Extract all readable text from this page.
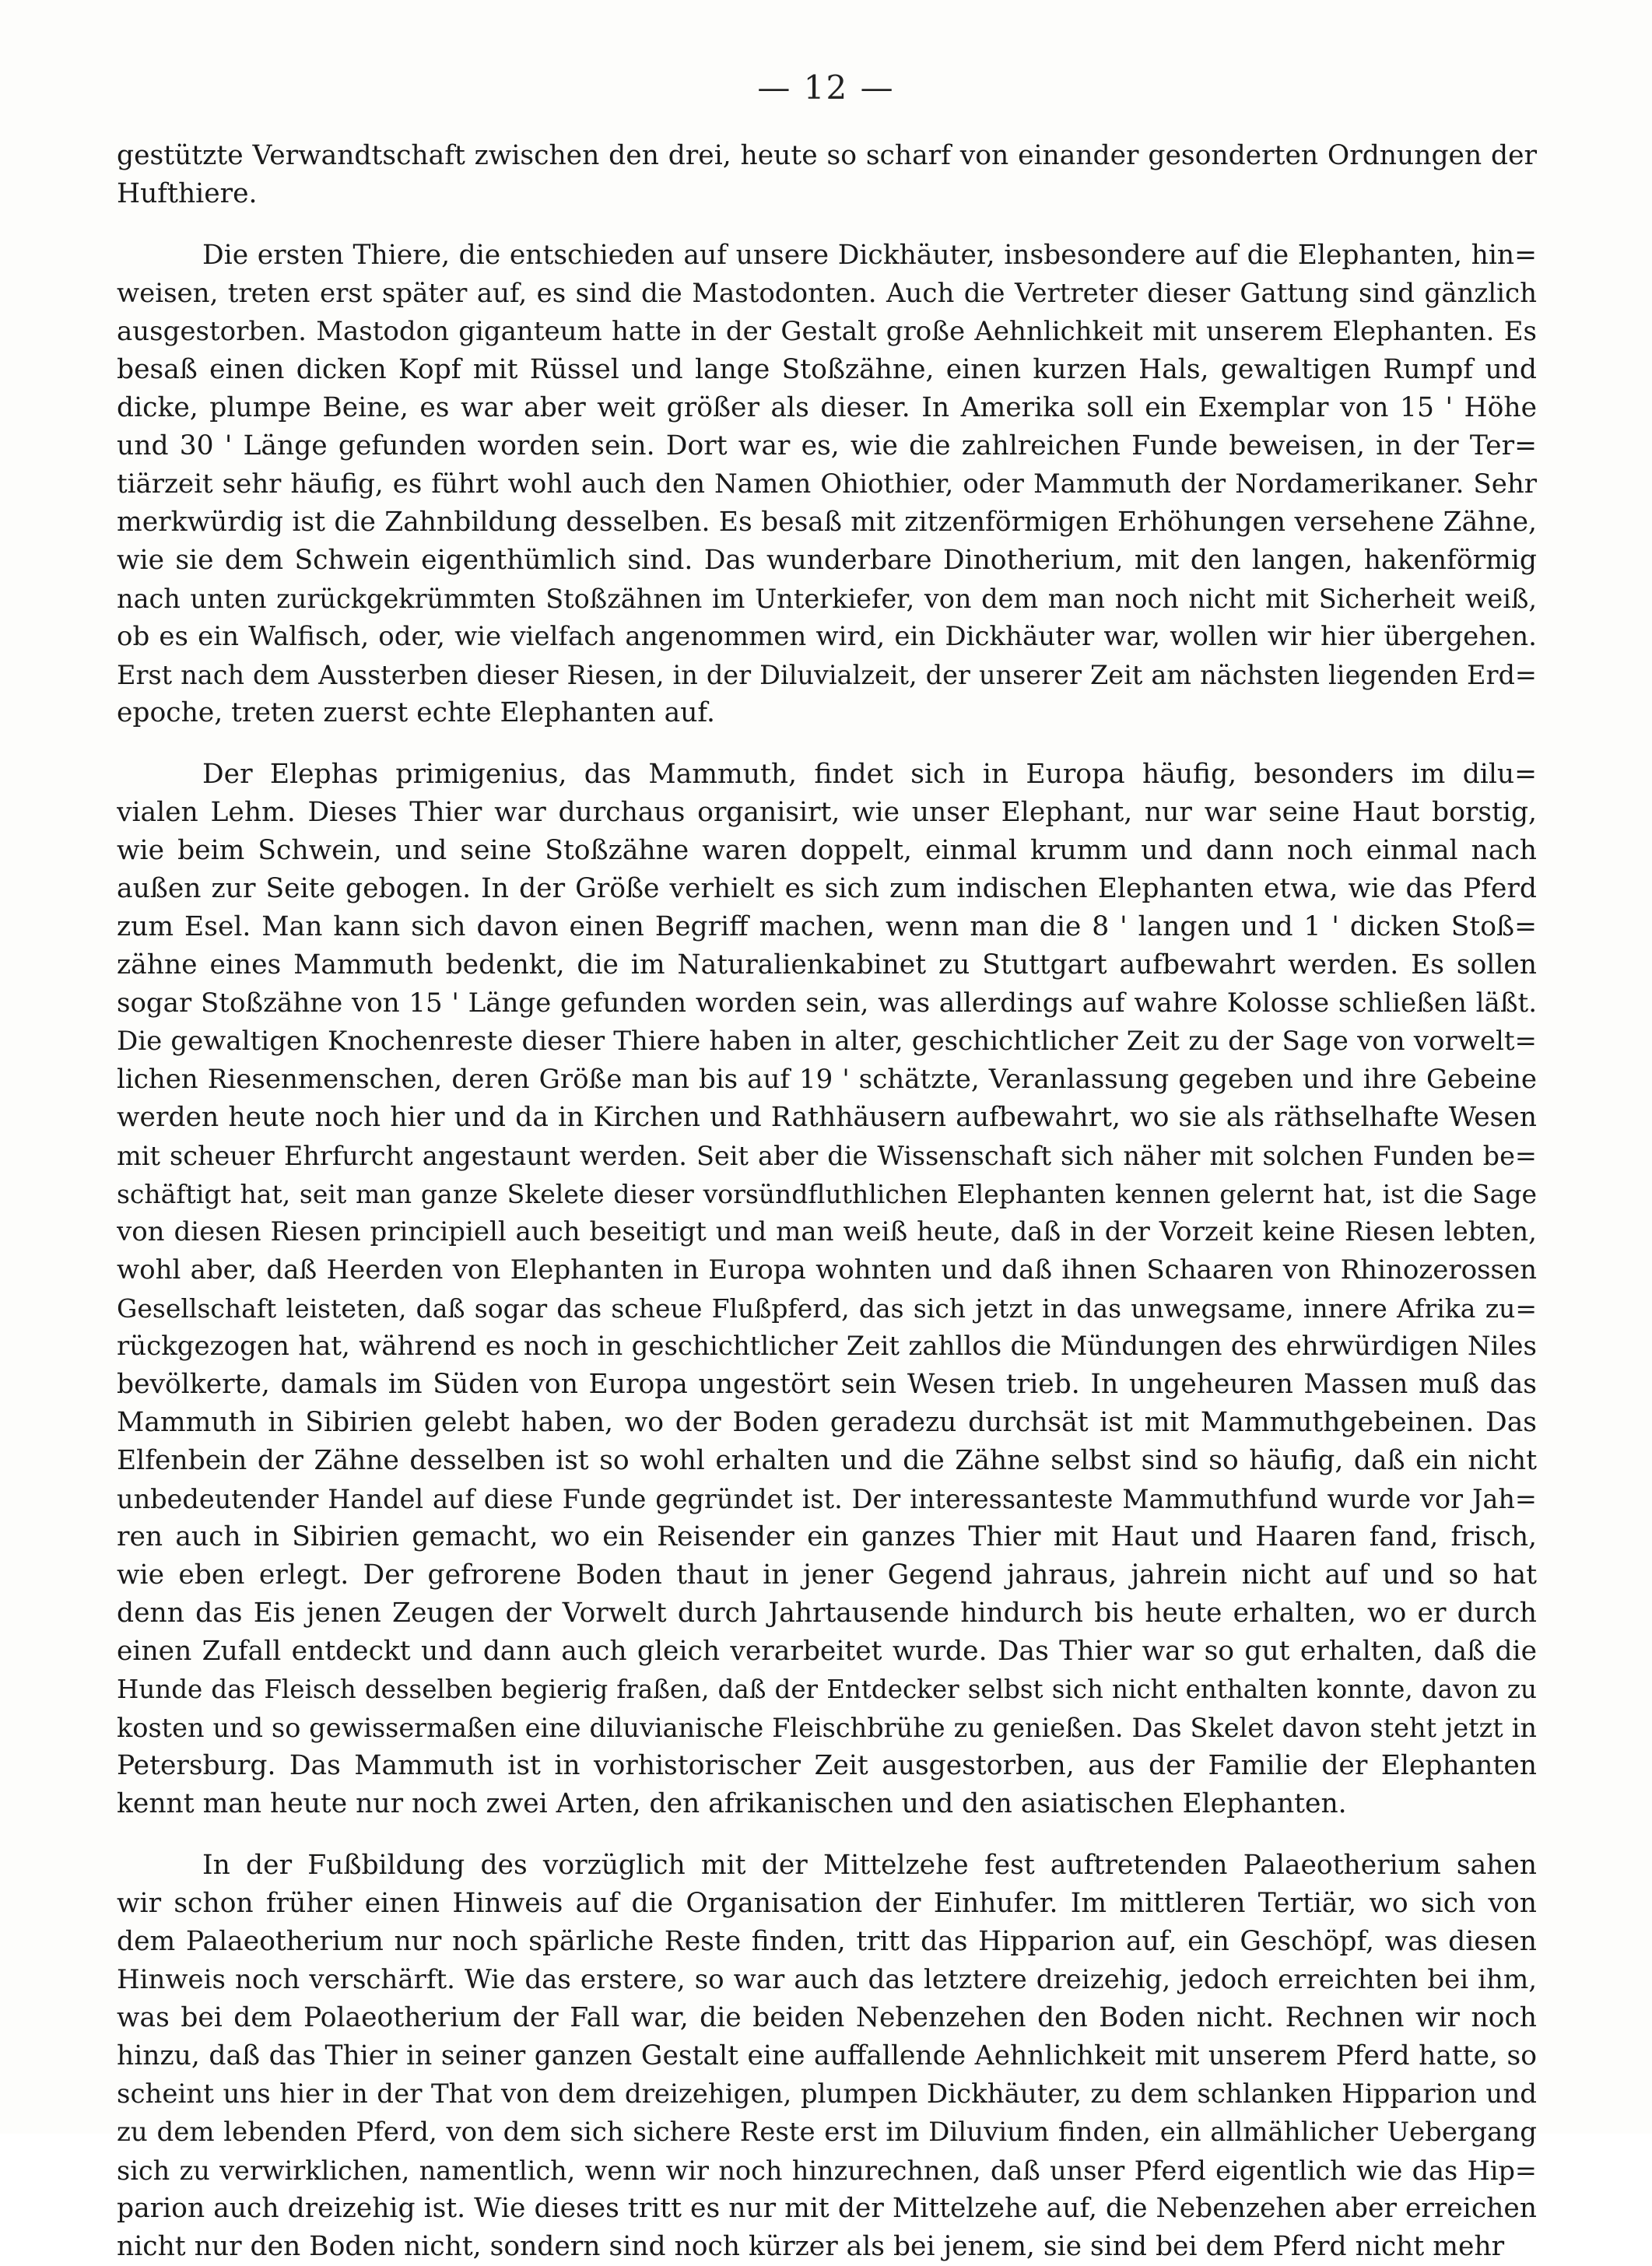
— 12 —
gestützte Verwandtschaft zwischen den drei, heute so scharf von einander gesonderten Ordnungen der
Hufthiere.
Die ersten Thiere, die entschieden auf unsere Dickhäuter, insbesondere auf die Elephanten, hin=
weisen, treten erst später auf, es sind die Mastodonten. Auch die Vertreter dieser Gattung sind gänzlich
ausgestorben. Mastodon giganteum hatte in der Gestalt große Aehnlichkeit mit unserem Elephanten. Es
besaß einen dicken Kopf mit Rüssel und lange Stoßzähne, einen kurzen Hals, gewaltigen Rumpf und
dicke, plumpe Beine, es war aber weit größer als dieser. In Amerika soll ein Exemplar von 15 ' Höhe
und 30 ' Länge gefunden worden sein. Dort war es, wie die zahlreichen Funde beweisen, in der Ter=
tiärzeit sehr häufig, es führt wohl auch den Namen Ohiothier, oder Mammuth der Nordamerikaner. Sehr
merkwürdig ist die Zahnbildung desselben. Es besaß mit zitzenförmigen Erhöhungen versehene Zähne,
wie sie dem Schwein eigenthümlich sind. Das wunderbare Dinotherium, mit den langen, hakenförmig
nach unten zurückgekrümmten Stoßzähnen im Unterkiefer, von dem man noch nicht mit Sicherheit weiß,
ob es ein Walfisch, oder, wie vielfach angenommen wird, ein Dickhäuter war, wollen wir hier übergehen.
Erst nach dem Aussterben dieser Riesen, in der Diluvialzeit, der unserer Zeit am nächsten liegenden Erd=
epoche, treten zuerst echte Elephanten auf.
Der Elephas primigenius, das Mammuth, findet sich in Europa häufig, besonders im dilu=
vialen Lehm. Dieses Thier war durchaus organisirt, wie unser Elephant, nur war seine Haut borstig,
wie beim Schwein, und seine Stoßzähne waren doppelt, einmal krumm und dann noch einmal nach
außen zur Seite gebogen. In der Größe verhielt es sich zum indischen Elephanten etwa, wie das Pferd
zum Esel. Man kann sich davon einen Begriff machen, wenn man die 8 ' langen und 1 ' dicken Stoß=
zähne eines Mammuth bedenkt, die im Naturalienkabinet zu Stuttgart aufbewahrt werden. Es sollen
sogar Stoßzähne von 15 ' Länge gefunden worden sein, was allerdings auf wahre Kolosse schließen läßt.
Die gewaltigen Knochenreste dieser Thiere haben in alter, geschichtlicher Zeit zu der Sage von vorwelt=
lichen Riesenmenschen, deren Größe man bis auf 19 ' schätzte, Veranlassung gegeben und ihre Gebeine
werden heute noch hier und da in Kirchen und Rathhäusern aufbewahrt, wo sie als räthselhafte Wesen
mit scheuer Ehrfurcht angestaunt werden. Seit aber die Wissenschaft sich näher mit solchen Funden be=
schäftigt hat, seit man ganze Skelete dieser vorsündfluthlichen Elephanten kennen gelernt hat, ist die Sage
von diesen Riesen principiell auch beseitigt und man weiß heute, daß in der Vorzeit keine Riesen lebten,
wohl aber, daß Heerden von Elephanten in Europa wohnten und daß ihnen Schaaren von Rhinozerossen
Gesellschaft leisteten, daß sogar das scheue Flußpferd, das sich jetzt in das unwegsame, innere Afrika zu=
rückgezogen hat, während es noch in geschichtlicher Zeit zahllos die Mündungen des ehrwürdigen Niles
bevölkerte, damals im Süden von Europa ungestört sein Wesen trieb. In ungeheuren Massen muß das
Mammuth in Sibirien gelebt haben, wo der Boden geradezu durchsät ist mit Mammuthgebeinen. Das
Elfenbein der Zähne desselben ist so wohl erhalten und die Zähne selbst sind so häufig, daß ein nicht
unbedeutender Handel auf diese Funde gegründet ist. Der interessanteste Mammuthfund wurde vor Jah=
ren auch in Sibirien gemacht, wo ein Reisender ein ganzes Thier mit Haut und Haaren fand, frisch,
wie eben erlegt. Der gefrorene Boden thaut in jener Gegend jahraus, jahrein nicht auf und so hat
denn das Eis jenen Zeugen der Vorwelt durch Jahrtausende hindurch bis heute erhalten, wo er durch
einen Zufall entdeckt und dann auch gleich verarbeitet wurde. Das Thier war so gut erhalten, daß die
Hunde das Fleisch desselben begierig fraßen, daß der Entdecker selbst sich nicht enthalten konnte, davon zu
kosten und so gewissermaßen eine diluvianische Fleischbrühe zu genießen. Das Skelet davon steht jetzt in
Petersburg. Das Mammuth ist in vorhistorischer Zeit ausgestorben, aus der Familie der Elephanten
kennt man heute nur noch zwei Arten, den afrikanischen und den asiatischen Elephanten.
In der Fußbildung des vorzüglich mit der Mittelzehe fest auftretenden Palaeotherium sahen
wir schon früher einen Hinweis auf die Organisation der Einhufer. Im mittleren Tertiär, wo sich von
dem Palaeotherium nur noch spärliche Reste finden, tritt das Hipparion auf, ein Geschöpf, was diesen
Hinweis noch verschärft. Wie das erstere, so war auch das letztere dreizehig, jedoch erreichten bei ihm,
was bei dem Polaeotherium der Fall war, die beiden Nebenzehen den Boden nicht. Rechnen wir noch
hinzu, daß das Thier in seiner ganzen Gestalt eine auffallende Aehnlichkeit mit unserem Pferd hatte, so
scheint uns hier in der That von dem dreizehigen, plumpen Dickhäuter, zu dem schlanken Hipparion und
zu dem lebenden Pferd, von dem sich sichere Reste erst im Diluvium finden, ein allmählicher Uebergang
sich zu verwirklichen, namentlich, wenn wir noch hinzurechnen, daß unser Pferd eigentlich wie das Hip=
parion auch dreizehig ist. Wie dieses tritt es nur mit der Mittelzehe auf, die Nebenzehen aber erreichen
nicht nur den Boden nicht, sondern sind noch kürzer als bei jenem, sie sind bei dem Pferd nicht mehr
